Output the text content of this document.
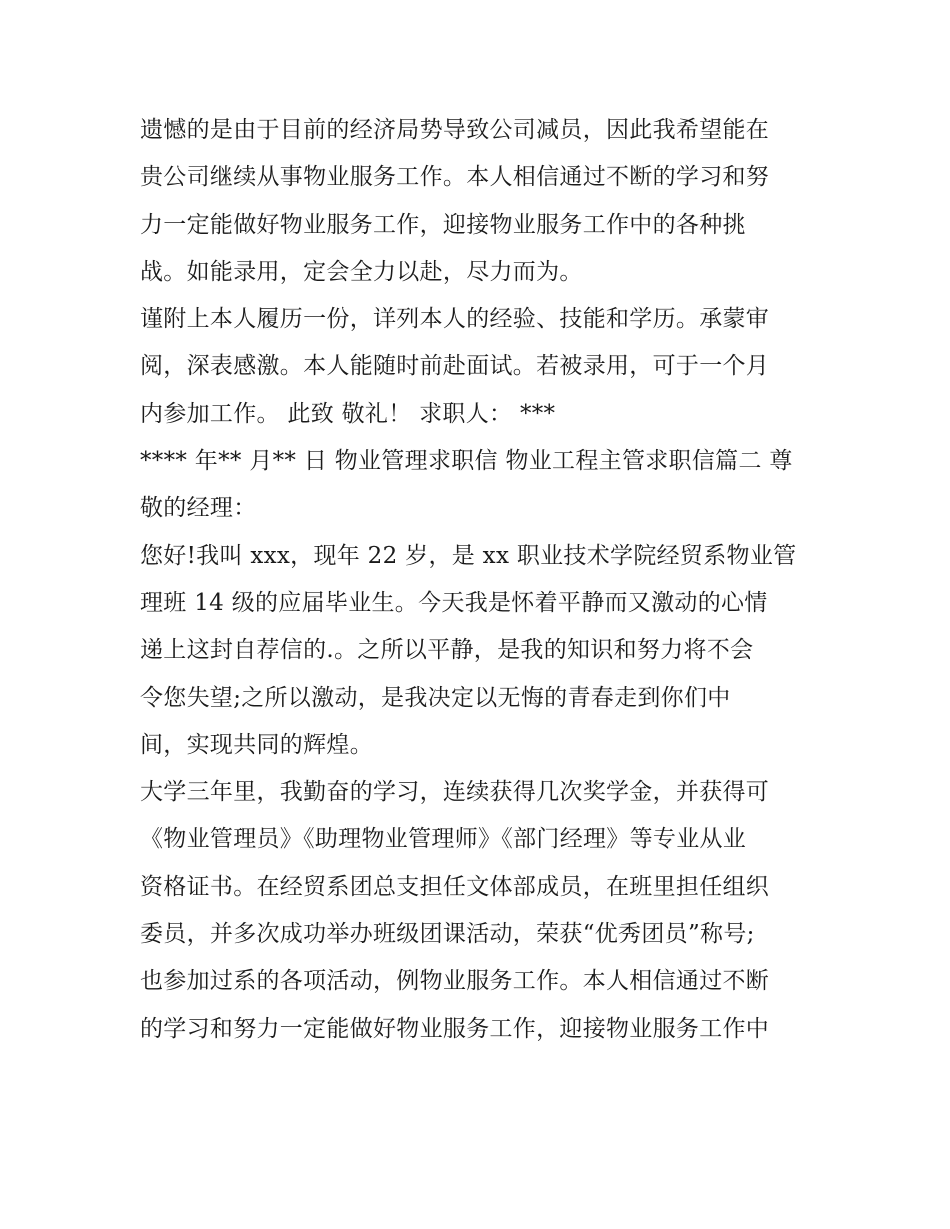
遗憾的是由于目前的经济局势导致公司减员，因此我希望能在
贵公司继续从事物业服务工作。本人相信通过不断的学习和努
力一定能做好物业服务工作，迎接物业服务工作中的各种挑
战。如能录用，定会全力以赴，尽力而为。
谨附上本人履历一份，详列本人的经验、技能和学历。承蒙审
阅，深表感激。本人能随时前赴面试。若被录用，可于一个月
内参加工作。 此致 敬礼！ 求职人： ***
**** 年** 月** 日 物业管理求职信 物业工程主管求职信篇二 尊
敬的经理：
您好!我叫 xxx，现年 22 岁，是 xx 职业技术学院经贸系物业管
理班 14 级的应届毕业生。今天我是怀着平静而又激动的心情
递上这封自荐信的.。之所以平静，是我的知识和努力将不会
令您失望;之所以激动，是我决定以无悔的青春走到你们中
间，实现共同的辉煌。
大学三年里，我勤奋的学习，连续获得几次奖学金，并获得可
《物业管理员》《助理物业管理师》《部门经理》等专业从业
资格证书。在经贸系团总支担任文体部成员，在班里担任组织
委员，并多次成功举办班级团课活动，荣获“优秀团员”称号;
也参加过系的各项活动，例物业服务工作。本人相信通过不断
的学习和努力一定能做好物业服务工作，迎接物业服务工作中
